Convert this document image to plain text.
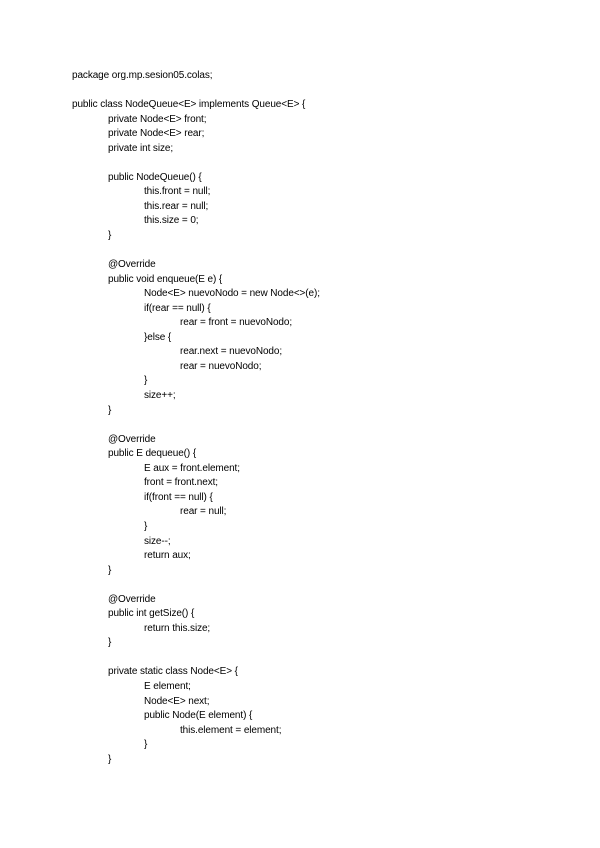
package org.mp.sesion05.colas;
public class NodeQueue<E> implements Queue<E> {
private Node<E> front;
private Node<E> rear;
private int size;
public NodeQueue() {
this.front = null;
this.rear = null;
this.size = 0;
}
@Override
public void enqueue(E e) {
Node<E> nuevoNodo = new Node<>(e);
if(rear == null) {
rear = front = nuevoNodo;
}else {
rear.next = nuevoNodo;
rear = nuevoNodo;
}
size++;
}
@Override
public E dequeue() {
E aux = front.element;
front = front.next;
if(front == null) {
rear = null;
}
size--;
return aux;
}
@Override
public int getSize() {
return this.size;
}
private static class Node<E> {
E element;
Node<E> next;
public Node(E element) {
this.element = element;
}
}
